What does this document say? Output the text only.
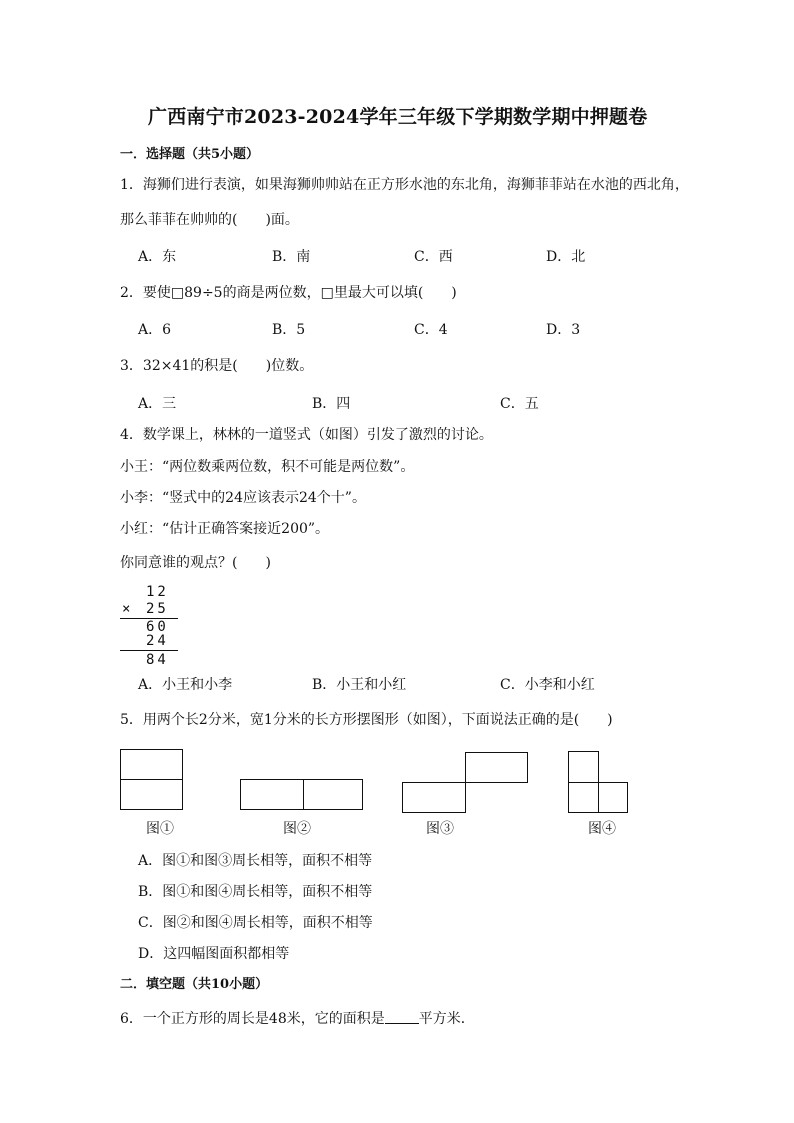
广西南宁市2023-2024学年三年级下学期数学期中押题卷
一．选择题（共5小题）
1．海狮们进行表演，如果海狮帅帅站在正方形水池的东北角，海狮菲菲站在水池的西北角，
那么菲菲在帅帅的(　　)面。
A．东	B．南	C．西	D．北
2．要使□89÷5的商是两位数，□里最大可以填(　　)
A．6	B．5	C．4	D．3
3．32×41的积是(　　)位数。
A．三	B．四	C．五
4．数学课上，林林的一道竖式（如图）引发了激烈的讨论。
小王：“两位数乘两位数，积不可能是两位数”。
小李：“竖式中的24应该表示24个十”。
小红：“估计正确答案接近200”。
你同意谁的观点？(　　)
12
× 25
60
24
84
A．小王和小李	B．小王和小红	C．小李和小红
5．用两个长2分米，宽1分米的长方形摆图形（如图），下面说法正确的是(　　)
图①	图②	图③	图④
A．图①和图③周长相等，面积不相等
B．图①和图④周长相等，面积不相等
C．图②和图④周长相等，面积不相等
D．这四幅图面积都相等
二．填空题（共10小题）
6．一个正方形的周长是48米，它的面积是 平方米．
